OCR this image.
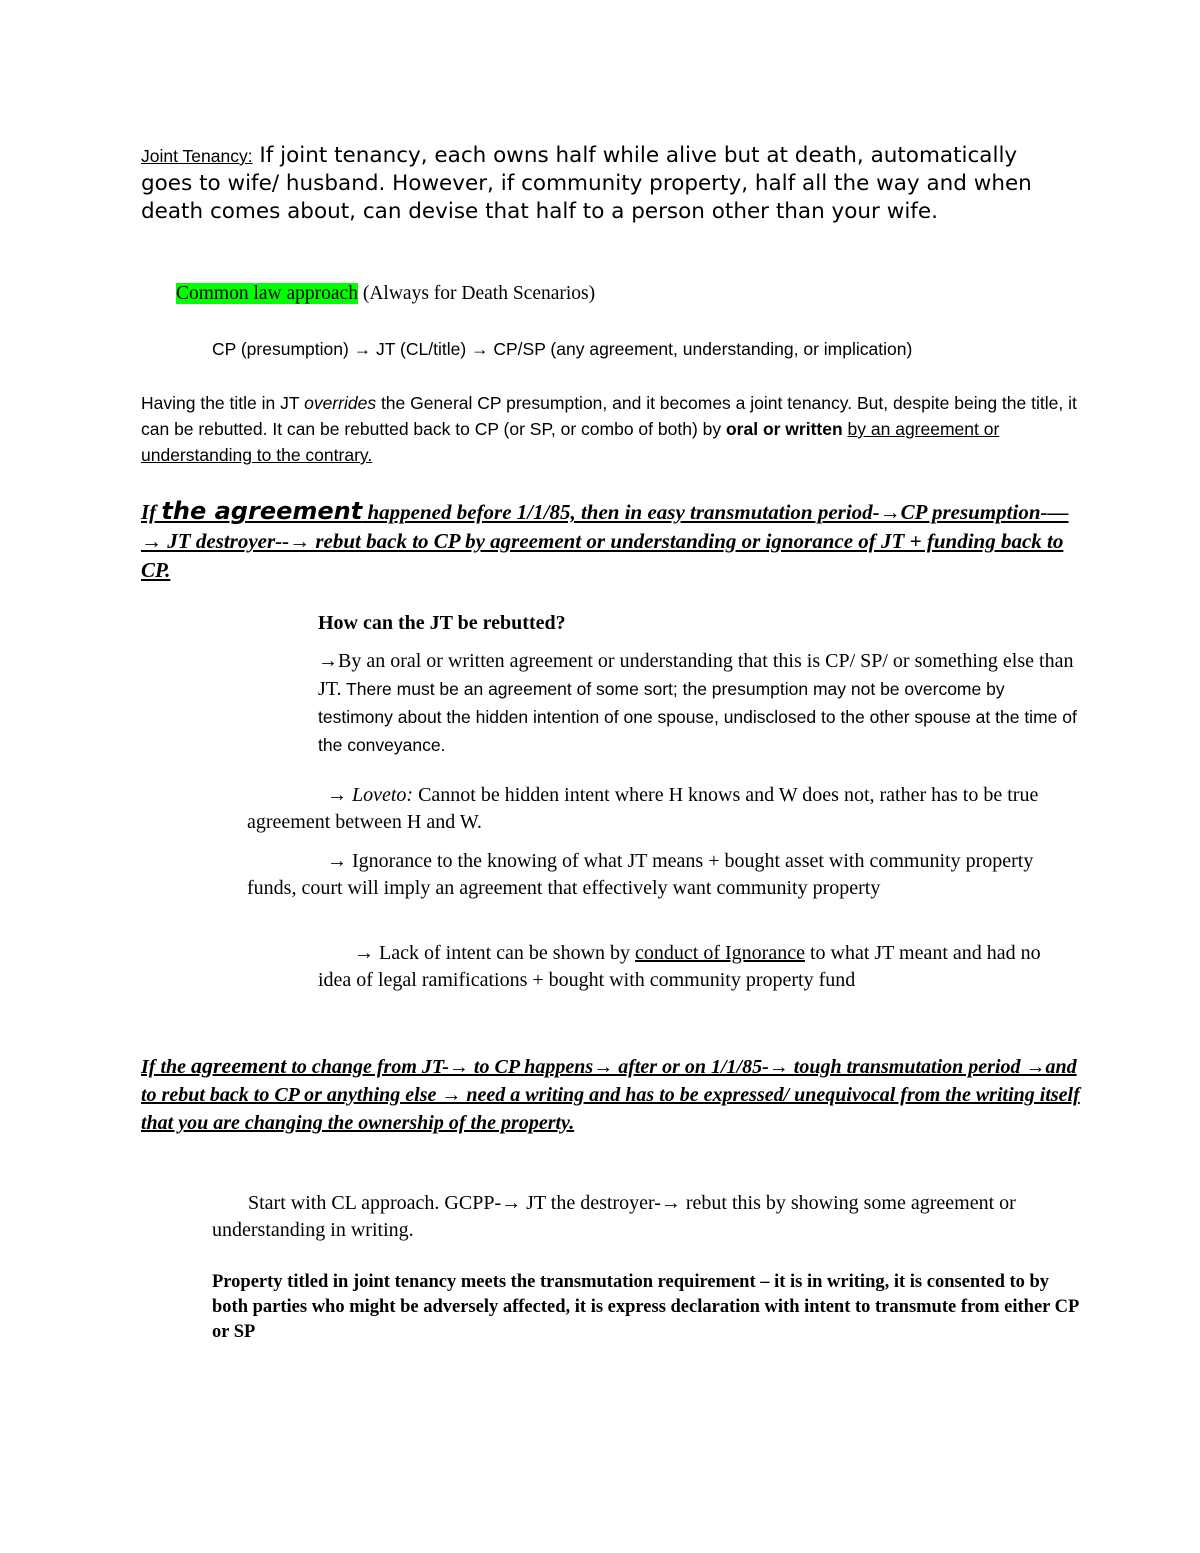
Joint Tenancy: If joint tenancy, each owns half while alive but at death, automatically goes to wife/ husband. However, if community property, half all the way and when death comes about, can devise that half to a person other than your wife.

Common law approach (Always for Death Scenarios)

CP (presumption) → JT (CL/title) → CP/SP (any agreement, understanding, or implication)

Having the title in JT overrides the General CP presumption, and it becomes a joint tenancy. But, despite being the title, it can be rebutted. It can be rebutted back to CP (or SP, or combo of both) by oral or written by an agreement or understanding to the contrary.

If the agreement happened before 1/1/85, then in easy transmutation period-→CP presumption-—→ JT destroyer--→ rebut back to CP by agreement or understanding or ignorance of JT + funding back to CP.

How can the JT be rebutted?

→By an oral or written agreement or understanding that this is CP/ SP/ or something else than JT. There must be an agreement of some sort; the presumption may not be overcome by testimony about the hidden intention of one spouse, undisclosed to the other spouse at the time of the conveyance.

→ Loveto: Cannot be hidden intent where H knows and W does not, rather has to be true agreement between H and W.

→ Ignorance to the knowing of what JT means + bought asset with community property funds, court will imply an agreement that effectively want community property

→ Lack of intent can be shown by conduct of Ignorance to what JT meant and had no idea of legal ramifications + bought with community property fund

If the agreement to change from JT-→ to CP happens→ after or on 1/1/85-→ tough transmutation period →and to rebut back to CP or anything else → need a writing and has to be expressed/ unequivocal from the writing itself that you are changing the ownership of the property.

Start with CL approach. GCPP-→ JT the destroyer-→ rebut this by showing some agreement or understanding in writing.

Property titled in joint tenancy meets the transmutation requirement – it is in writing, it is consented to by both parties who might be adversely affected, it is express declaration with intent to transmute from either CP or SP
